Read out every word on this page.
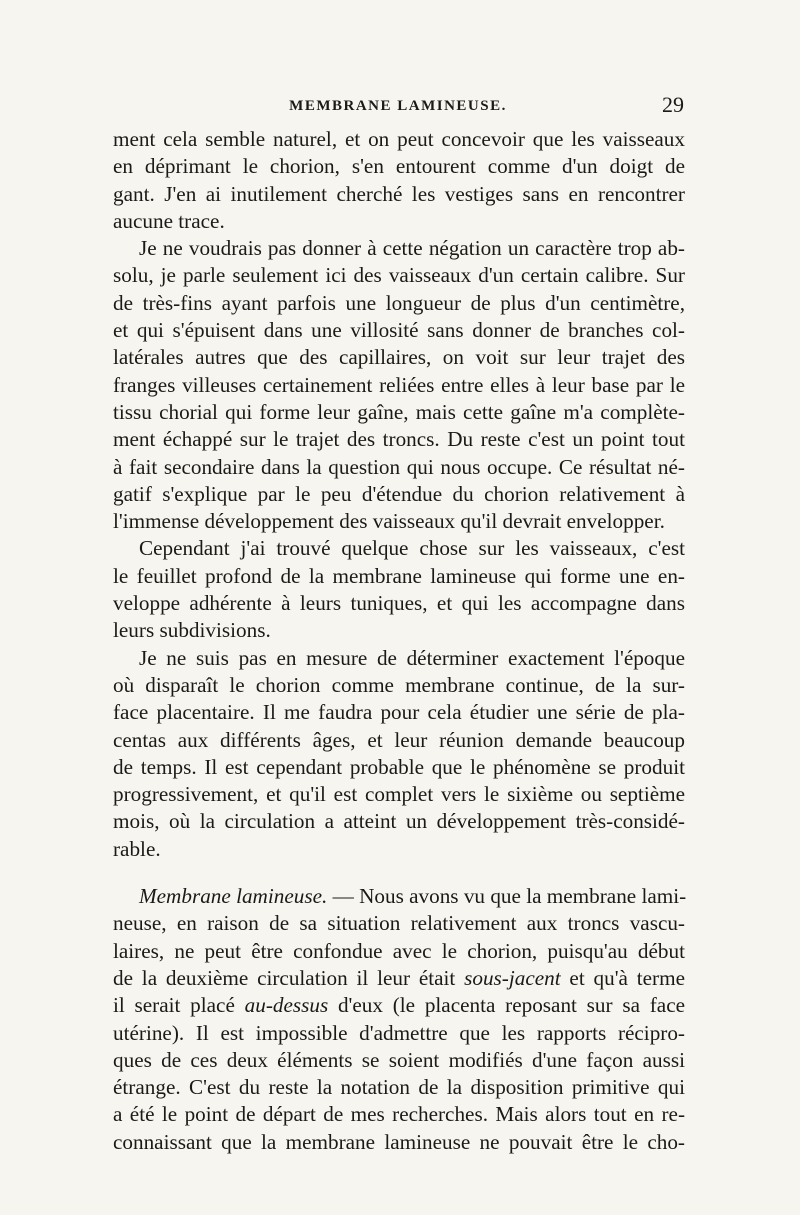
MEMBRANE LAMINEUSE.	29

ment cela semble naturel, et on peut concevoir que les vaisseaux
en déprimant le chorion, s'en entourent comme d'un doigt de
gant. J'en ai inutilement cherché les vestiges sans en rencontrer
aucune trace.

Je ne voudrais pas donner à cette négation un caractère trop ab-
solu, je parle seulement ici des vaisseaux d'un certain calibre. Sur
de très-fins ayant parfois une longueur de plus d'un centimètre,
et qui s'épuisent dans une villosité sans donner de branches col-
latérales autres que des capillaires, on voit sur leur trajet des
franges villeuses certainement reliées entre elles à leur base par le
tissu chorial qui forme leur gaîne, mais cette gaîne m'a complète-
ment échappé sur le trajet des troncs. Du reste c'est un point tout
à fait secondaire dans la question qui nous occupe. Ce résultat né-
gatif s'explique par le peu d'étendue du chorion relativement à
l'immense développement des vaisseaux qu'il devrait envelopper.

Cependant j'ai trouvé quelque chose sur les vaisseaux, c'est
le feuillet profond de la membrane lamineuse qui forme une en-
veloppe adhérente à leurs tuniques, et qui les accompagne dans
leurs subdivisions.

Je ne suis pas en mesure de déterminer exactement l'époque
où disparaît le chorion comme membrane continue, de la sur-
face placentaire. Il me faudra pour cela étudier une série de pla-
centas aux différents âges, et leur réunion demande beaucoup
de temps. Il est cependant probable que le phénomène se produit
progressivement, et qu'il est complet vers le sixième ou septième
mois, où la circulation a atteint un développement très-considé-
rable.

Membrane lamineuse. — Nous avons vu que la membrane lami-
neuse, en raison de sa situation relativement aux troncs vascu-
laires, ne peut être confondue avec le chorion, puisqu'au début
de la deuxième circulation il leur était sous-jacent et qu'à terme
il serait placé au-dessus d'eux (le placenta reposant sur sa face
utérine). Il est impossible d'admettre que les rapports récipro-
ques de ces deux éléments se soient modifiés d'une façon aussi
étrange. C'est du reste la notation de la disposition primitive qui
a été le point de départ de mes recherches. Mais alors tout en re-
connaissant que la membrane lamineuse ne pouvait être le cho-
